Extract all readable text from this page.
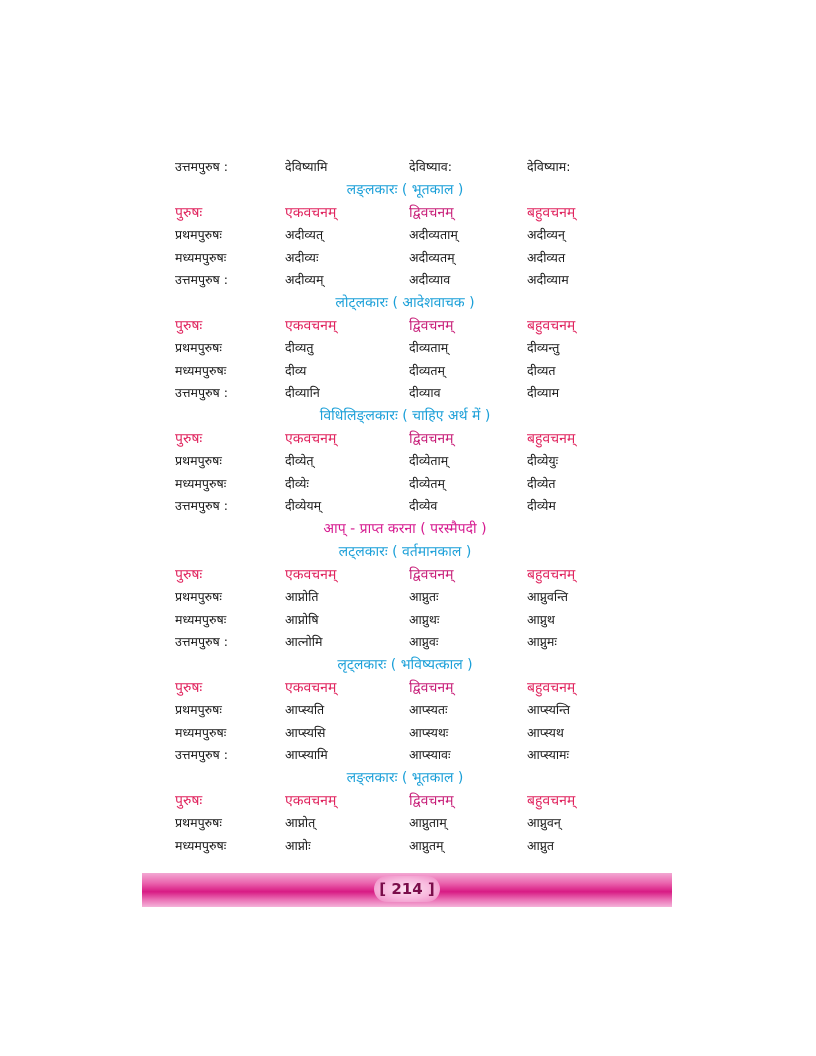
उत्तमपुरुष :	देविष्यामि	देविष्याव:	देविष्याम:
लङ्लकारः ( भूतकाल )
पुरुषः	एकवचनम्	द्विवचनम्	बहुवचनम्
प्रथमपुरुषः	अदीव्यत्	अदीव्यताम्	अदीव्यन्
मध्यमपुरुषः	अदीव्यः	अदीव्यतम्	अदीव्यत
उत्तमपुरुष :	अदीव्यम्	अदीव्याव	अदीव्याम
लोट्लकारः ( आदेशवाचक )
पुरुषः	एकवचनम्	द्विवचनम्	बहुवचनम्
प्रथमपुरुषः	दीव्यतु	दीव्यताम्	दीव्यन्तु
मध्यमपुरुषः	दीव्य	दीव्यतम्	दीव्यत
उत्तमपुरुष :	दीव्यानि	दीव्याव	दीव्याम
विधिलिङ्लकारः ( चाहिए अर्थ में )
पुरुषः	एकवचनम्	द्विवचनम्	बहुवचनम्
प्रथमपुरुषः	दीव्येत्	दीव्येताम्	दीव्येयुः
मध्यमपुरुषः	दीव्येः	दीव्येतम्	दीव्येत
उत्तमपुरुष :	दीव्येयम्	दीव्येव	दीव्येम
आप् - प्राप्त करना ( परस्मैपदी )
लट्लकारः ( वर्तमानकाल )
पुरुषः	एकवचनम्	द्विवचनम्	बहुवचनम्
प्रथमपुरुषः	आप्नोति	आप्नुतः	आप्नुवन्ति
मध्यमपुरुषः	आप्नोषि	आप्नुथः	आप्नुथ
उत्तमपुरुष :	आत्नोमि	आप्नुवः	आप्नुमः
लृट्लकारः ( भविष्यत्काल )
पुरुषः	एकवचनम्	द्विवचनम्	बहुवचनम्
प्रथमपुरुषः	आप्स्यति	आप्स्यतः	आप्स्यन्ति
मध्यमपुरुषः	आप्स्यसि	आप्स्यथः	आप्स्यथ
उत्तमपुरुष :	आप्स्यामि	आप्स्यावः	आप्स्यामः
लङ्लकारः ( भूतकाल )
पुरुषः	एकवचनम्	द्विवचनम्	बहुवचनम्
प्रथमपुरुषः	आप्नोत्	आप्नुताम्	आप्नुवन्
मध्यमपुरुषः	आप्नोः	आप्नुतम्	आप्नुत
[ 214 ]
